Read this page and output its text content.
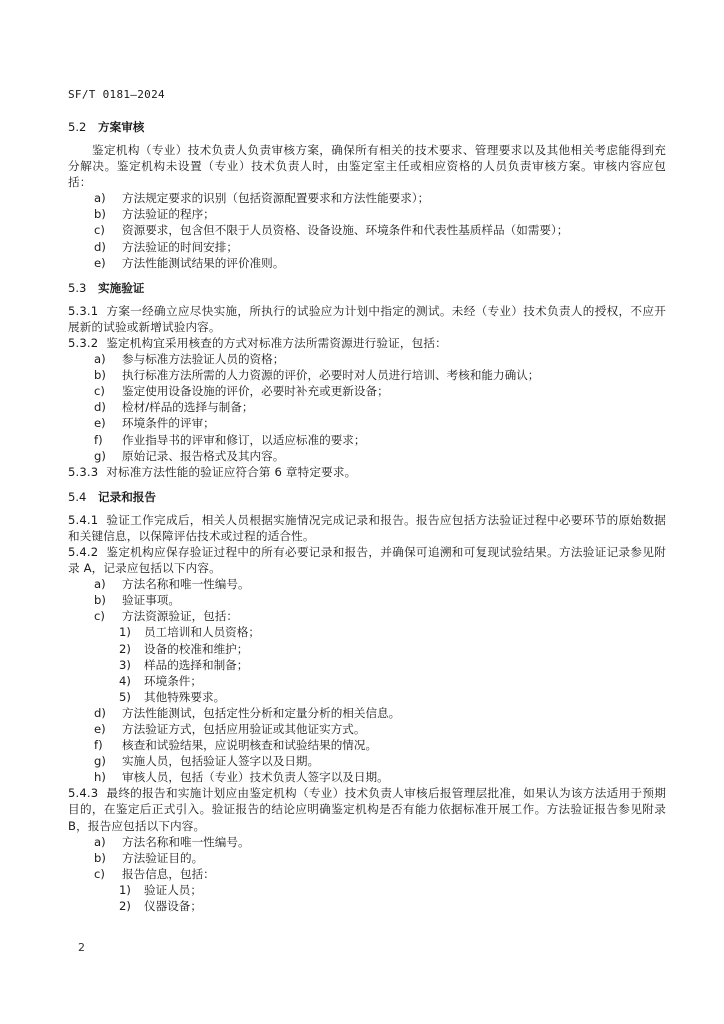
SF/T 0181—2024
5.2 方案审核

鉴定机构（专业）技术负责人负责审核方案，确保所有相关的技术要求、管理要求以及其他相关考虑能得到充分解决。鉴定机构未设置（专业）技术负责人时，由鉴定室主任或相应资格的人员负责审核方案。审核内容应包括：

a) 方法规定要求的识别（包括资源配置要求和方法性能要求）；
b) 方法验证的程序；
c) 资源要求，包含但不限于人员资格、设备设施、环境条件和代表性基质样品（如需要）；
d) 方法验证的时间安排；
e) 方法性能测试结果的评价准则。
5.3 实施验证

5.3.1 方案一经确立应尽快实施，所执行的试验应为计划中指定的测试。未经（专业）技术负责人的授权，不应开展新的试验或新增试验内容。

5.3.2 鉴定机构宜采用核查的方式对标准方法所需资源进行验证，包括：

a) 参与标准方法验证人员的资格；
b) 执行标准方法所需的人力资源的评价，必要时对人员进行培训、考核和能力确认；
c) 鉴定使用设备设施的评价，必要时补充或更新设备；
d) 检材/样品的选择与制备；
e) 环境条件的评审；
f) 作业指导书的评审和修订，以适应标准的要求；
g) 原始记录、报告格式及其内容。

5.3.3 对标准方法性能的验证应符合第 6 章特定要求。

5.4 记录和报告

5.4.1 验证工作完成后，相关人员根据实施情况完成记录和报告。报告应包括方法验证过程中必要环节的原始数据和关键信息，以保障评估技术或过程的适合性。

5.4.2 鉴定机构应保存验证过程中的所有必要记录和报告，并确保可追溯和可复现试验结果。方法验证记录参见附录 A，记录应包括以下内容。

a) 方法名称和唯一性编号。
b) 验证事项。
c) 方法资源验证，包括：
1) 员工培训和人员资格；
2) 设备的校准和维护；
3) 样品的选择和制备；
4) 环境条件；
5) 其他特殊要求。
d) 方法性能测试，包括定性分析和定量分析的相关信息。
e) 方法验证方式，包括应用验证或其他证实方式。
f) 核查和试验结果，应说明核查和试验结果的情况。
g) 实施人员，包括验证人签字以及日期。
h) 审核人员，包括（专业）技术负责人签字以及日期。

5.4.3 最终的报告和实施计划应由鉴定机构（专业）技术负责人审核后报管理层批准，如果认为该方法适用于预期目的，在鉴定后正式引入。验证报告的结论应明确鉴定机构是否有能力依据标准开展工作。方法验证报告参见附录 B，报告应包括以下内容。

a) 方法名称和唯一性编号。
b) 方法验证目的。
c) 报告信息，包括：
1) 验证人员；
2) 仪器设备；
2
